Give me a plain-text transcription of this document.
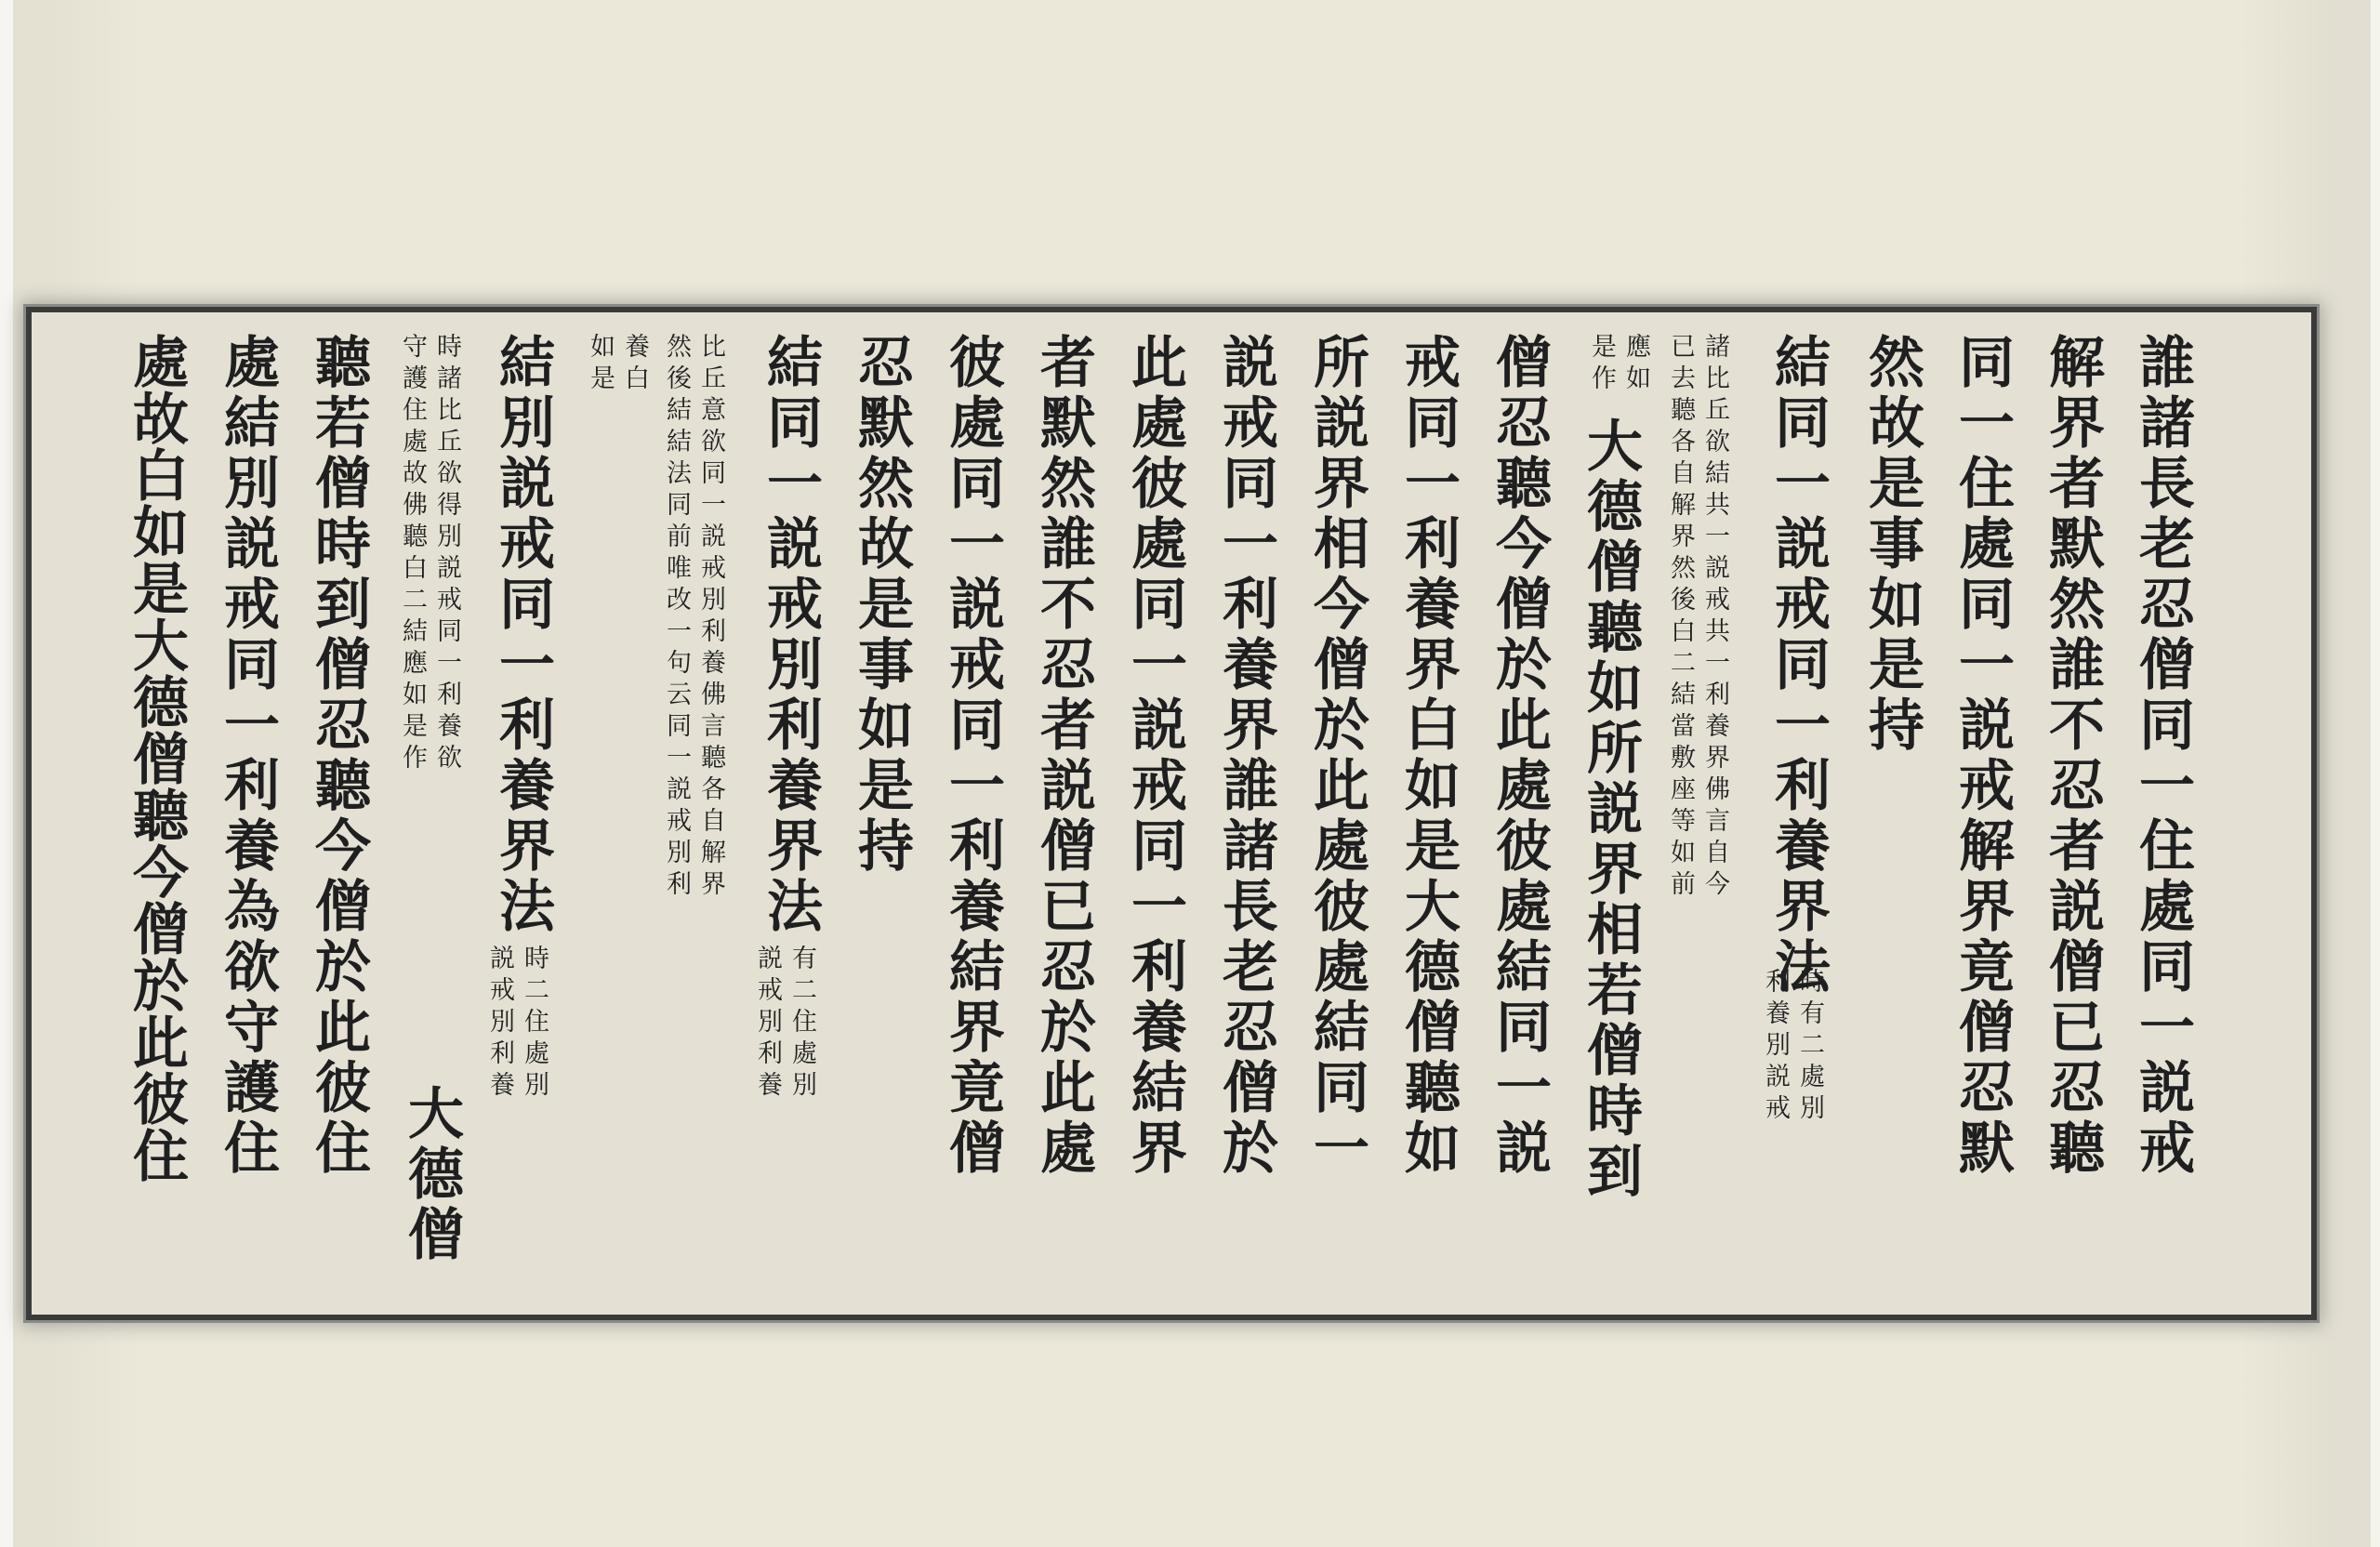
誰諸長老忍僧同一住處同一説戒
解界者默然誰不忍者説僧已忍聽
同一住處同一説戒解界竟僧忍默
然故是事如是持
結同一説戒同一利養界法
時有二處別
利養別説戒
諸比丘欲結共一説戒共一利養界佛言自今
已去聽各自解界然後白二結當敷座等如前
應如
是作
大德僧聽如所説界相若僧時到
僧忍聽今僧於此處彼處結同一説
戒同一利養界白如是大德僧聽如
所説界相今僧於此處彼處結同一
説戒同一利養界誰諸長老忍僧於
此處彼處同一説戒同一利養結界
者默然誰不忍者説僧已忍於此處
彼處同一説戒同一利養結界竟僧
忍默然故是事如是持
結同一説戒別利養界法
有二住處別
説戒別利養
比丘意欲同一説戒別利養佛言聽各自解界
然後結結法同前唯改一句云同一説戒別利
養白
如是
結別説戒同一利養界法
時二住處別
説戒別利養
時諸比丘欲得別説戒同一利養欲
守護住處故佛聽白二結應如是作
大德僧
聽若僧時到僧忍聽今僧於此彼住
處結別説戒同一利養為欲守護住
處故白如是大德僧聽今僧於此彼住
